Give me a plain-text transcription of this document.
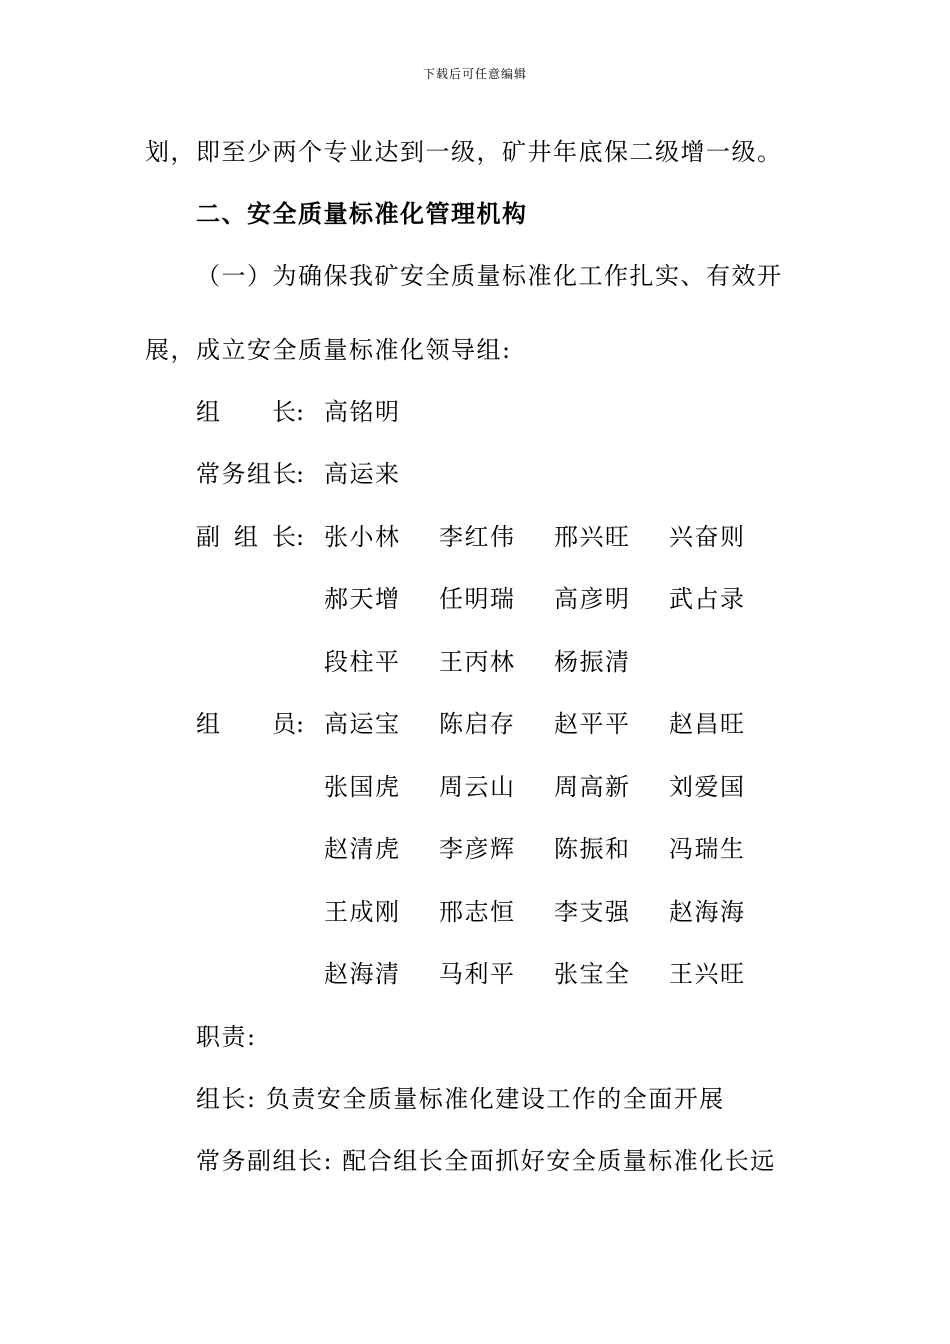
下载后可任意编辑
划，即至少两个专业达到一级，矿井年底保二级增一级。
二、安全质量标准化管理机构
（一）为确保我矿安全质量标准化工作扎实、有效开
展，成立安全质量标准化领导组:
组 长 : 高铭明
常务组长
: 高运来
副 组 长 : 张小林 李红伟 邢兴旺 兴奋则
郝天增 任明瑞 高彦明 武占录
段柱平 王丙林 杨振清
组 员 : 高运宝 陈启存 赵平平 赵昌旺
张国虎 周云山 周高新 刘爱国
赵清虎 李彦辉 陈振和 冯瑞生
王成刚 邢志恒 李支强 赵海海
赵海清 马利平 张宝全 王兴旺
职责:
组长: 负责安全质量标准化建设工作的全面开展
常务副组长: 配合组长全面抓好安全质量标准化长远
